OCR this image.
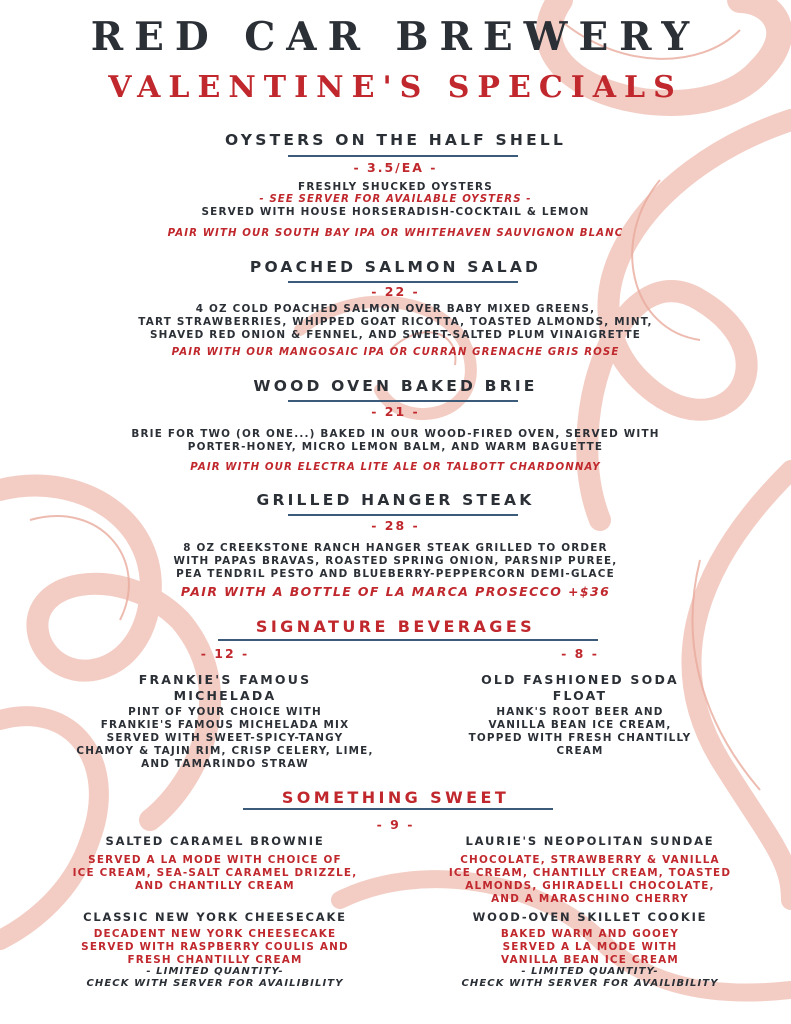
RED CAR BREWERY
VALENTINE'S SPECIALS
OYSTERS ON THE HALF SHELL
- 3.5/EA -
FRESHLY SHUCKED OYSTERS
- SEE SERVER FOR AVAILABLE OYSTERS -
SERVED WITH HOUSE HORSERADISH-COCKTAIL & LEMON
PAIR WITH OUR SOUTH BAY IPA OR WHITEHAVEN SAUVIGNON BLANC
POACHED SALMON SALAD
- 22 -
4 OZ COLD POACHED SALMON OVER BABY MIXED GREENS,
TART STRAWBERRIES, WHIPPED GOAT RICOTTA, TOASTED ALMONDS, MINT,
SHAVED RED ONION & FENNEL, AND SWEET-SALTED PLUM VINAIGRETTE
PAIR WITH OUR MANGOSAIC IPA OR CURRAN GRENACHE GRIS ROSE
WOOD OVEN BAKED BRIE
- 21 -
BRIE FOR TWO (OR ONE...) BAKED IN OUR WOOD-FIRED OVEN, SERVED WITH
PORTER-HONEY, MICRO LEMON BALM, AND WARM BAGUETTE
PAIR WITH OUR ELECTRA LITE ALE OR TALBOTT CHARDONNAY
GRILLED HANGER STEAK
- 28 -
8 OZ CREEKSTONE RANCH HANGER STEAK GRILLED TO ORDER
WITH PAPAS BRAVAS, ROASTED SPRING ONION, PARSNIP PUREE,
PEA TENDRIL PESTO AND BLUEBERRY-PEPPERCORN DEMI-GLACE
PAIR WITH A BOTTLE OF LA MARCA PROSECCO +$36
SIGNATURE BEVERAGES
- 12 -
FRANKIE'S FAMOUS
MICHELADA
PINT OF YOUR CHOICE WITH
FRANKIE'S FAMOUS MICHELADA MIX
SERVED WITH SWEET-SPICY-TANGY
CHAMOY & TAJIN RIM, CRISP CELERY, LIME,
AND TAMARINDO STRAW
- 8 -
OLD FASHIONED SODA
FLOAT
HANK'S ROOT BEER AND
VANILLA BEAN ICE CREAM,
TOPPED WITH FRESH CHANTILLY
CREAM
SOMETHING SWEET
- 9 -
SALTED CARAMEL BROWNIE
SERVED A LA MODE WITH CHOICE OF
ICE CREAM, SEA-SALT CARAMEL DRIZZLE,
AND CHANTILLY CREAM
LAURIE'S NEOPOLITAN SUNDAE
CHOCOLATE, STRAWBERRY & VANILLA
ICE CREAM, CHANTILLY CREAM, TOASTED
ALMONDS, GHIRADELLI CHOCOLATE,
AND A MARASCHINO CHERRY
CLASSIC NEW YORK CHEESECAKE
DECADENT NEW YORK CHEESECAKE
SERVED WITH RASPBERRY COULIS AND
FRESH CHANTILLY CREAM
- LIMITED QUANTITY-
CHECK WITH SERVER FOR AVAILIBILITY
WOOD-OVEN SKILLET COOKIE
BAKED WARM AND GOOEY
SERVED A LA MODE WITH
VANILLA BEAN ICE CREAM
- LIMITED QUANTITY-
CHECK WITH SERVER FOR AVAILIBILITY
